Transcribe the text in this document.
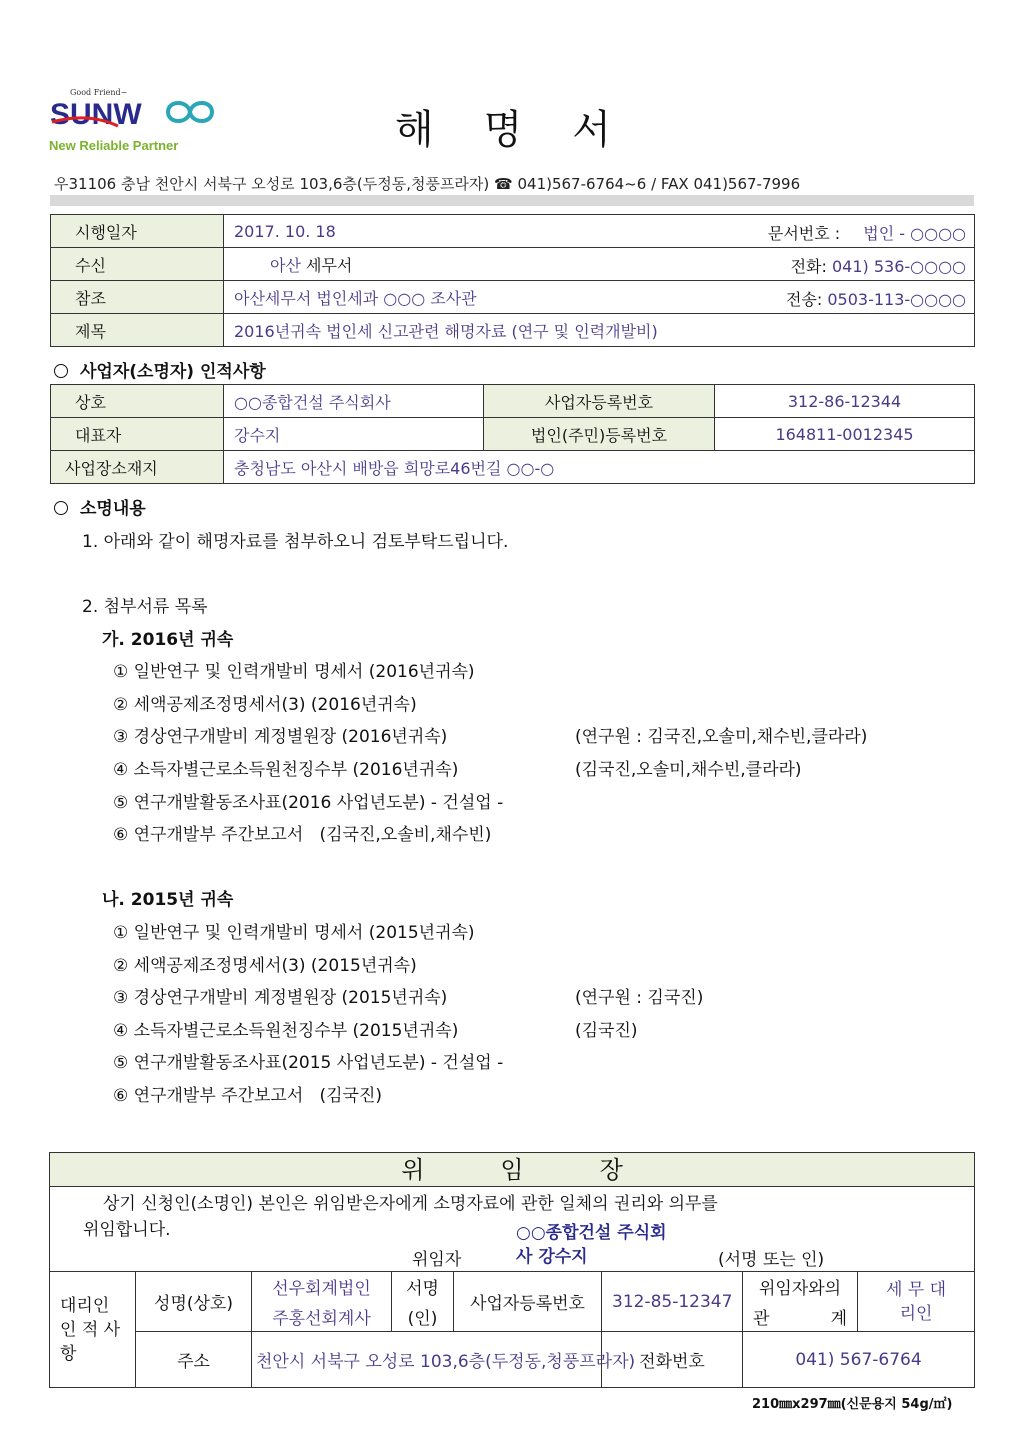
Good Friend~
SUNW
New Reliable Partner	해명서
우31106 충남 천안시 서북구 오성로 103,6층(두정동,청풍프라자) ☎ 041)567-6764~6 / FAX 041)567-7996
시행일자	2017. 10. 18 문서번호 : 법인 - ○○○○

수신	아산 세무서 전화: 041) 536-○○○○

참조	아산세무서 법인세과 ○○○ 조사관 전송: 0503-113-○○○○

제목	2016년귀속 법인세 신고관련 해명자료 (연구 및 인력개발비)
사업자(소명자) 인적사항
상호	○○종합건설 주식회사	사업자등록번호	312-86-12344
대표자	강수지	법인(주민)등록번호	164811-0012345
사업장소재지	충청남도 아산시 배방읍 희망로46번길 ○○-○		
소명내용
1. 아래와 같이 해명자료를 첨부하오니 검토부탁드립니다.
2. 첨부서류 목록
가. 2016년 귀속
① 일반연구 및 인력개발비 명세서 (2016년귀속)
② 세액공제조정명세서(3) (2016년귀속)
③ 경상연구개발비 계정별원장 (2016년귀속)	(연구원 : 김국진,오솔미,채수빈,클라라)
④ 소득자별근로소득원천징수부 (2016년귀속)	(김국진,오솔미,채수빈,클라라)
⑤ 연구개발활동조사표(2016 사업년도분) - 건설업 -
⑥ 연구개발부 주간보고서   (김국진,오솔비,채수빈)
나. 2015년 귀속
① 일반연구 및 인력개발비 명세서 (2015년귀속)
② 세액공제조정명세서(3) (2015년귀속)
③ 경상연구개발비 계정별원장 (2015년귀속)	(연구원 : 김국진)
④ 소득자별근로소득원천징수부 (2015년귀속)	(김국진)
⑤ 연구개발활동조사표(2015 사업년도분) - 건설업 -
⑥ 연구개발부 주간보고서   (김국진)
위	임	장
상기 신청인(소명인) 본인은 위임받은자에게 소명자료에 관한 일체의 권리와 의무를
위임합니다.	○○종합건설 주식회
위임자	사 강수지	(서명 또는 인)
대리인 인 적 사 항	성명(상호)	선우회계법인	서명	사업자등록번호	312-85-12347	위임자와의	세 무 대리인
		주홍선회계사	(인)			관 계	
	주소	천안시 서북구 오성로 103,6층(두정동,청풍프라자)			전화번호	041) 567-6764	
210㎜x297㎜(신문용지 54g/㎡)
